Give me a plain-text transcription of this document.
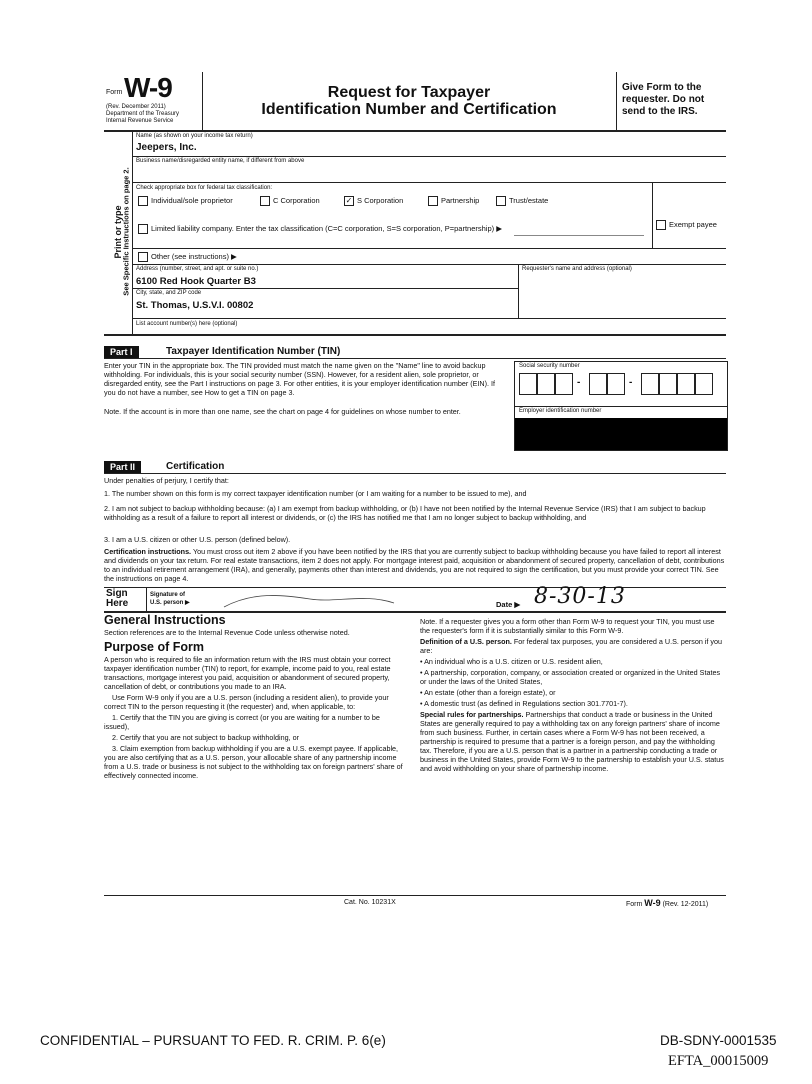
Form W-9
(Rev. December 2011)
Department of the Treasury
Internal Revenue Service
Request for Taxpayer
Identification Number and Certification
Give Form to the requester. Do not send to the IRS.
Print or type
See Specific Instructions on page 2.
Name (as shown on your income tax return)
Jeepers, Inc.
Business name/disregarded entity name, if different from above
Check appropriate box for federal tax classification:
Individual/sole proprietor	C Corporation	✓ S Corporation	Partnership	Trust/estate
Limited liability company. Enter the tax classification (C=C corporation, S=S corporation, P=partnership) ▶	Exempt payee
Other (see instructions) ▶
Address (number, street, and apt. or suite no.)
6100 Red Hook Quarter B3
Requester's name and address (optional)
City, state, and ZIP code
St. Thomas, U.S.V.I. 00802
List account number(s) here (optional)
Part I	Taxpayer Identification Number (TIN)
Enter your TIN in the appropriate box. The TIN provided must match the name given on the "Name" line to avoid backup withholding. For individuals, this is your social security number (SSN). However, for a resident alien, sole proprietor, or disregarded entity, see the Part I instructions on page 3. For other entities, it is your employer identification number (EIN). If you do not have a number, see How to get a TIN on page 3.
Note. If the account is in more than one name, see the chart on page 4 for guidelines on whose number to enter.
Social security number
-	-
Employer identification number
Part II	Certification
Under penalties of perjury, I certify that:
1. The number shown on this form is my correct taxpayer identification number (or I am waiting for a number to be issued to me), and
2. I am not subject to backup withholding because: (a) I am exempt from backup withholding, or (b) I have not been notified by the Internal Revenue Service (IRS) that I am subject to backup withholding as a result of a failure to report all interest or dividends, or (c) the IRS has notified me that I am no longer subject to backup withholding, and
3. I am a U.S. citizen or other U.S. person (defined below).
Certification instructions. You must cross out item 2 above if you have been notified by the IRS that you are currently subject to backup withholding because you have failed to report all interest and dividends on your tax return. For real estate transactions, item 2 does not apply. For mortgage interest paid, acquisition or abandonment of secured property, cancellation of debt, contributions to an individual retirement arrangement (IRA), and generally, payments other than interest and dividends, you are not required to sign the certification, but you must provide your correct TIN. See the instructions on page 4.
Sign Here
Signature of
U.S. person ▶	Date ▶ 8-30-13
General Instructions
Section references are to the Internal Revenue Code unless otherwise noted.
Purpose of Form
A person who is required to file an information return with the IRS must obtain your correct taxpayer identification number (TIN) to report, for example, income paid to you, real estate transactions, mortgage interest you paid, acquisition or abandonment of secured property, cancellation of debt, or contributions you made to an IRA.
Use Form W-9 only if you are a U.S. person (including a resident alien), to provide your correct TIN to the person requesting it (the requester) and, when applicable, to:
1. Certify that the TIN you are giving is correct (or you are waiting for a number to be issued),
2. Certify that you are not subject to backup withholding, or
3. Claim exemption from backup withholding if you are a U.S. exempt payee. If applicable, you are also certifying that as a U.S. person, your allocable share of any partnership income from a U.S. trade or business is not subject to the withholding tax on foreign partners' share of effectively connected income.
Note. If a requester gives you a form other than Form W-9 to request your TIN, you must use the requester's form if it is substantially similar to this Form W-9.
Definition of a U.S. person. For federal tax purposes, you are considered a U.S. person if you are:
• An individual who is a U.S. citizen or U.S. resident alien,
• A partnership, corporation, company, or association created or organized in the United States or under the laws of the United States,
• An estate (other than a foreign estate), or
• A domestic trust (as defined in Regulations section 301.7701-7).
Special rules for partnerships. Partnerships that conduct a trade or business in the United States are generally required to pay a withholding tax on any foreign partners' share of income from such business. Further, in certain cases where a Form W-9 has not been received, a partnership is required to presume that a partner is a foreign person, and pay the withholding tax. Therefore, if you are a U.S. person that is a partner in a partnership conducting a trade or business in the United States, provide Form W-9 to the partnership to establish your U.S. status and avoid withholding on your share of partnership income.
Cat. No. 10231X	Form W-9 (Rev. 12-2011)
CONFIDENTIAL – PURSUANT TO FED. R. CRIM. P. 6(e)	DB-SDNY-0001535
EFTA_00015009
